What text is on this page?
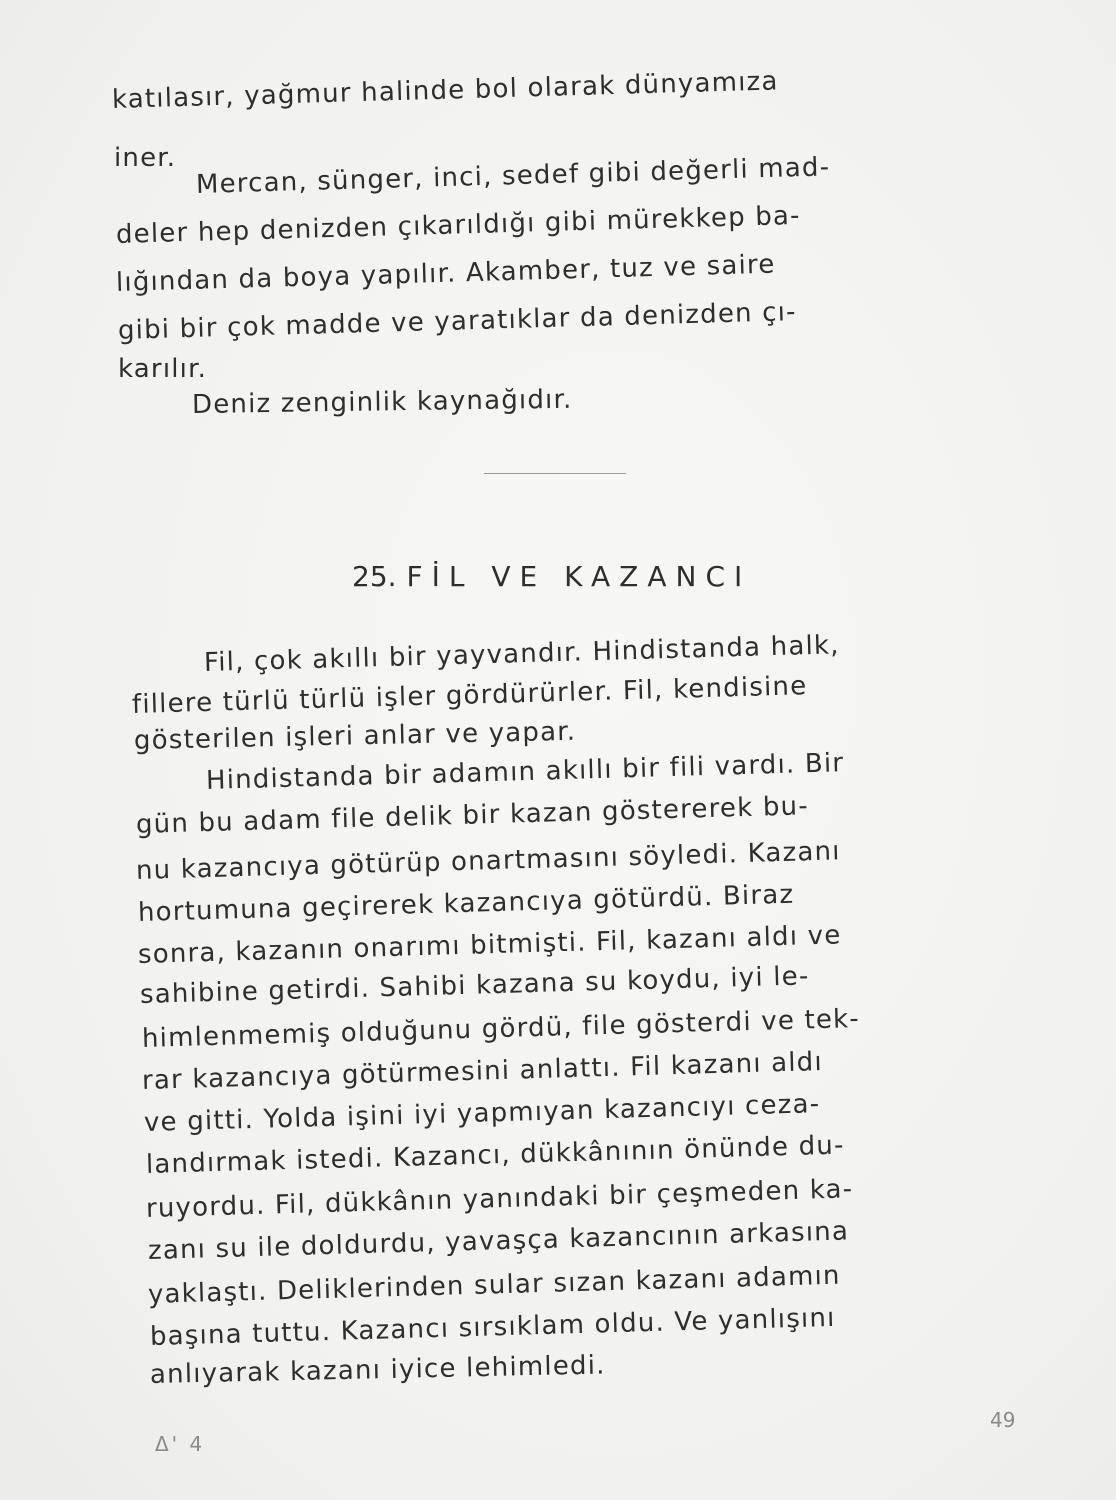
katılasır, yağmur halinde bol olarak dünyamıza
iner. Mercan, sünger, inci, sedef gibi değerli mad-
deler hep denizden çıkarıldığı gibi mürekkep ba-
lığından da boya yapılır. Akamber, tuz ve saire
gibi bir çok madde ve yaratıklar da denizden çı-
karılır.
Deniz zenginlik kaynağıdır.
25. FİL VE KAZANCI
Fil, çok akıllı bir yayvandır. Hindistanda halk,
fillere türlü türlü işler gördürürler. Fil, kendisine
gösterilen işleri anlar ve yapar.
Hindistanda bir adamın akıllı bir fili vardı. Bir
gün bu adam file delik bir kazan göstererek bu-
nu kazancıya götürüp onartmasını söyledi. Kazanı
hortumuna geçirerek kazancıya götürdü. Biraz
sonra, kazanın onarımı bitmişti. Fil, kazanı aldı ve
sahibine getirdi. Sahibi kazana su koydu, iyi le-
himlenmemiş olduğunu gördü, file gösterdi ve tek-
rar kazancıya götürmesini anlattı. Fil kazanı aldı
ve gitti. Yolda işini iyi yapmıyan kazancıyı ceza-
landırmak istedi. Kazancı, dükkânının önünde du-
ruyordu. Fil, dükkânın yanındaki bir çeşmeden ka-
zanı su ile doldurdu, yavaşça kazancının arkasına
yaklaştı. Deliklerinden sular sızan kazanı adamın
başına tuttu. Kazancı sırsıklam oldu. Ve yanlışını
anlıyarak kazanı iyice lehimledi.
Δ' 4
49
